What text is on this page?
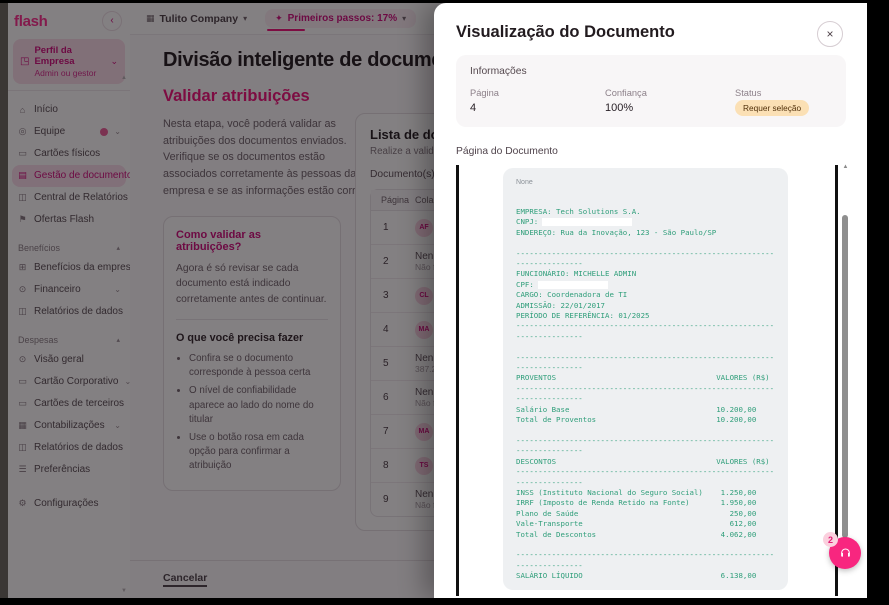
•
•
•

Visualização do Documento	×
Informações
Página
4
Confiança
100%
Status
Requer seleção
Página do Documento
None
EMPRESA: Tech Solutions S.A.
CNPJ:
ENDEREÇO: Rua da Inovação, 123 - São Paulo/SP
----------------------------------------------------------
---------------
FUNCIONÁRIO: MICHELLE ADMIN
CPF:
CARGO: Coordenadora de TI
ADMISSÃO: 22/01/2017
PERÍODO DE REFERÊNCIA: 01/2025
----------------------------------------------------------
---------------
----------------------------------------------------------
---------------
PROVENTOS                                    VALORES (R$)
----------------------------------------------------------
---------------
Salário Base                                 10.200,00
Total de Proventos                           10.200,00
----------------------------------------------------------
---------------
DESCONTOS                                    VALORES (R$)
----------------------------------------------------------
---------------
INSS (Instituto Nacional do Seguro Social)    1.250,00
IRRF (Imposto de Renda Retido na Fonte)       1.950,00
Plano de Saúde                                  250,00
Vale-Transporte                                 612,00
Total de Descontos                            4.062,00
----------------------------------------------------------
---------------
SALÁRIO LÍQUIDO                               6.138,00
▲
2
